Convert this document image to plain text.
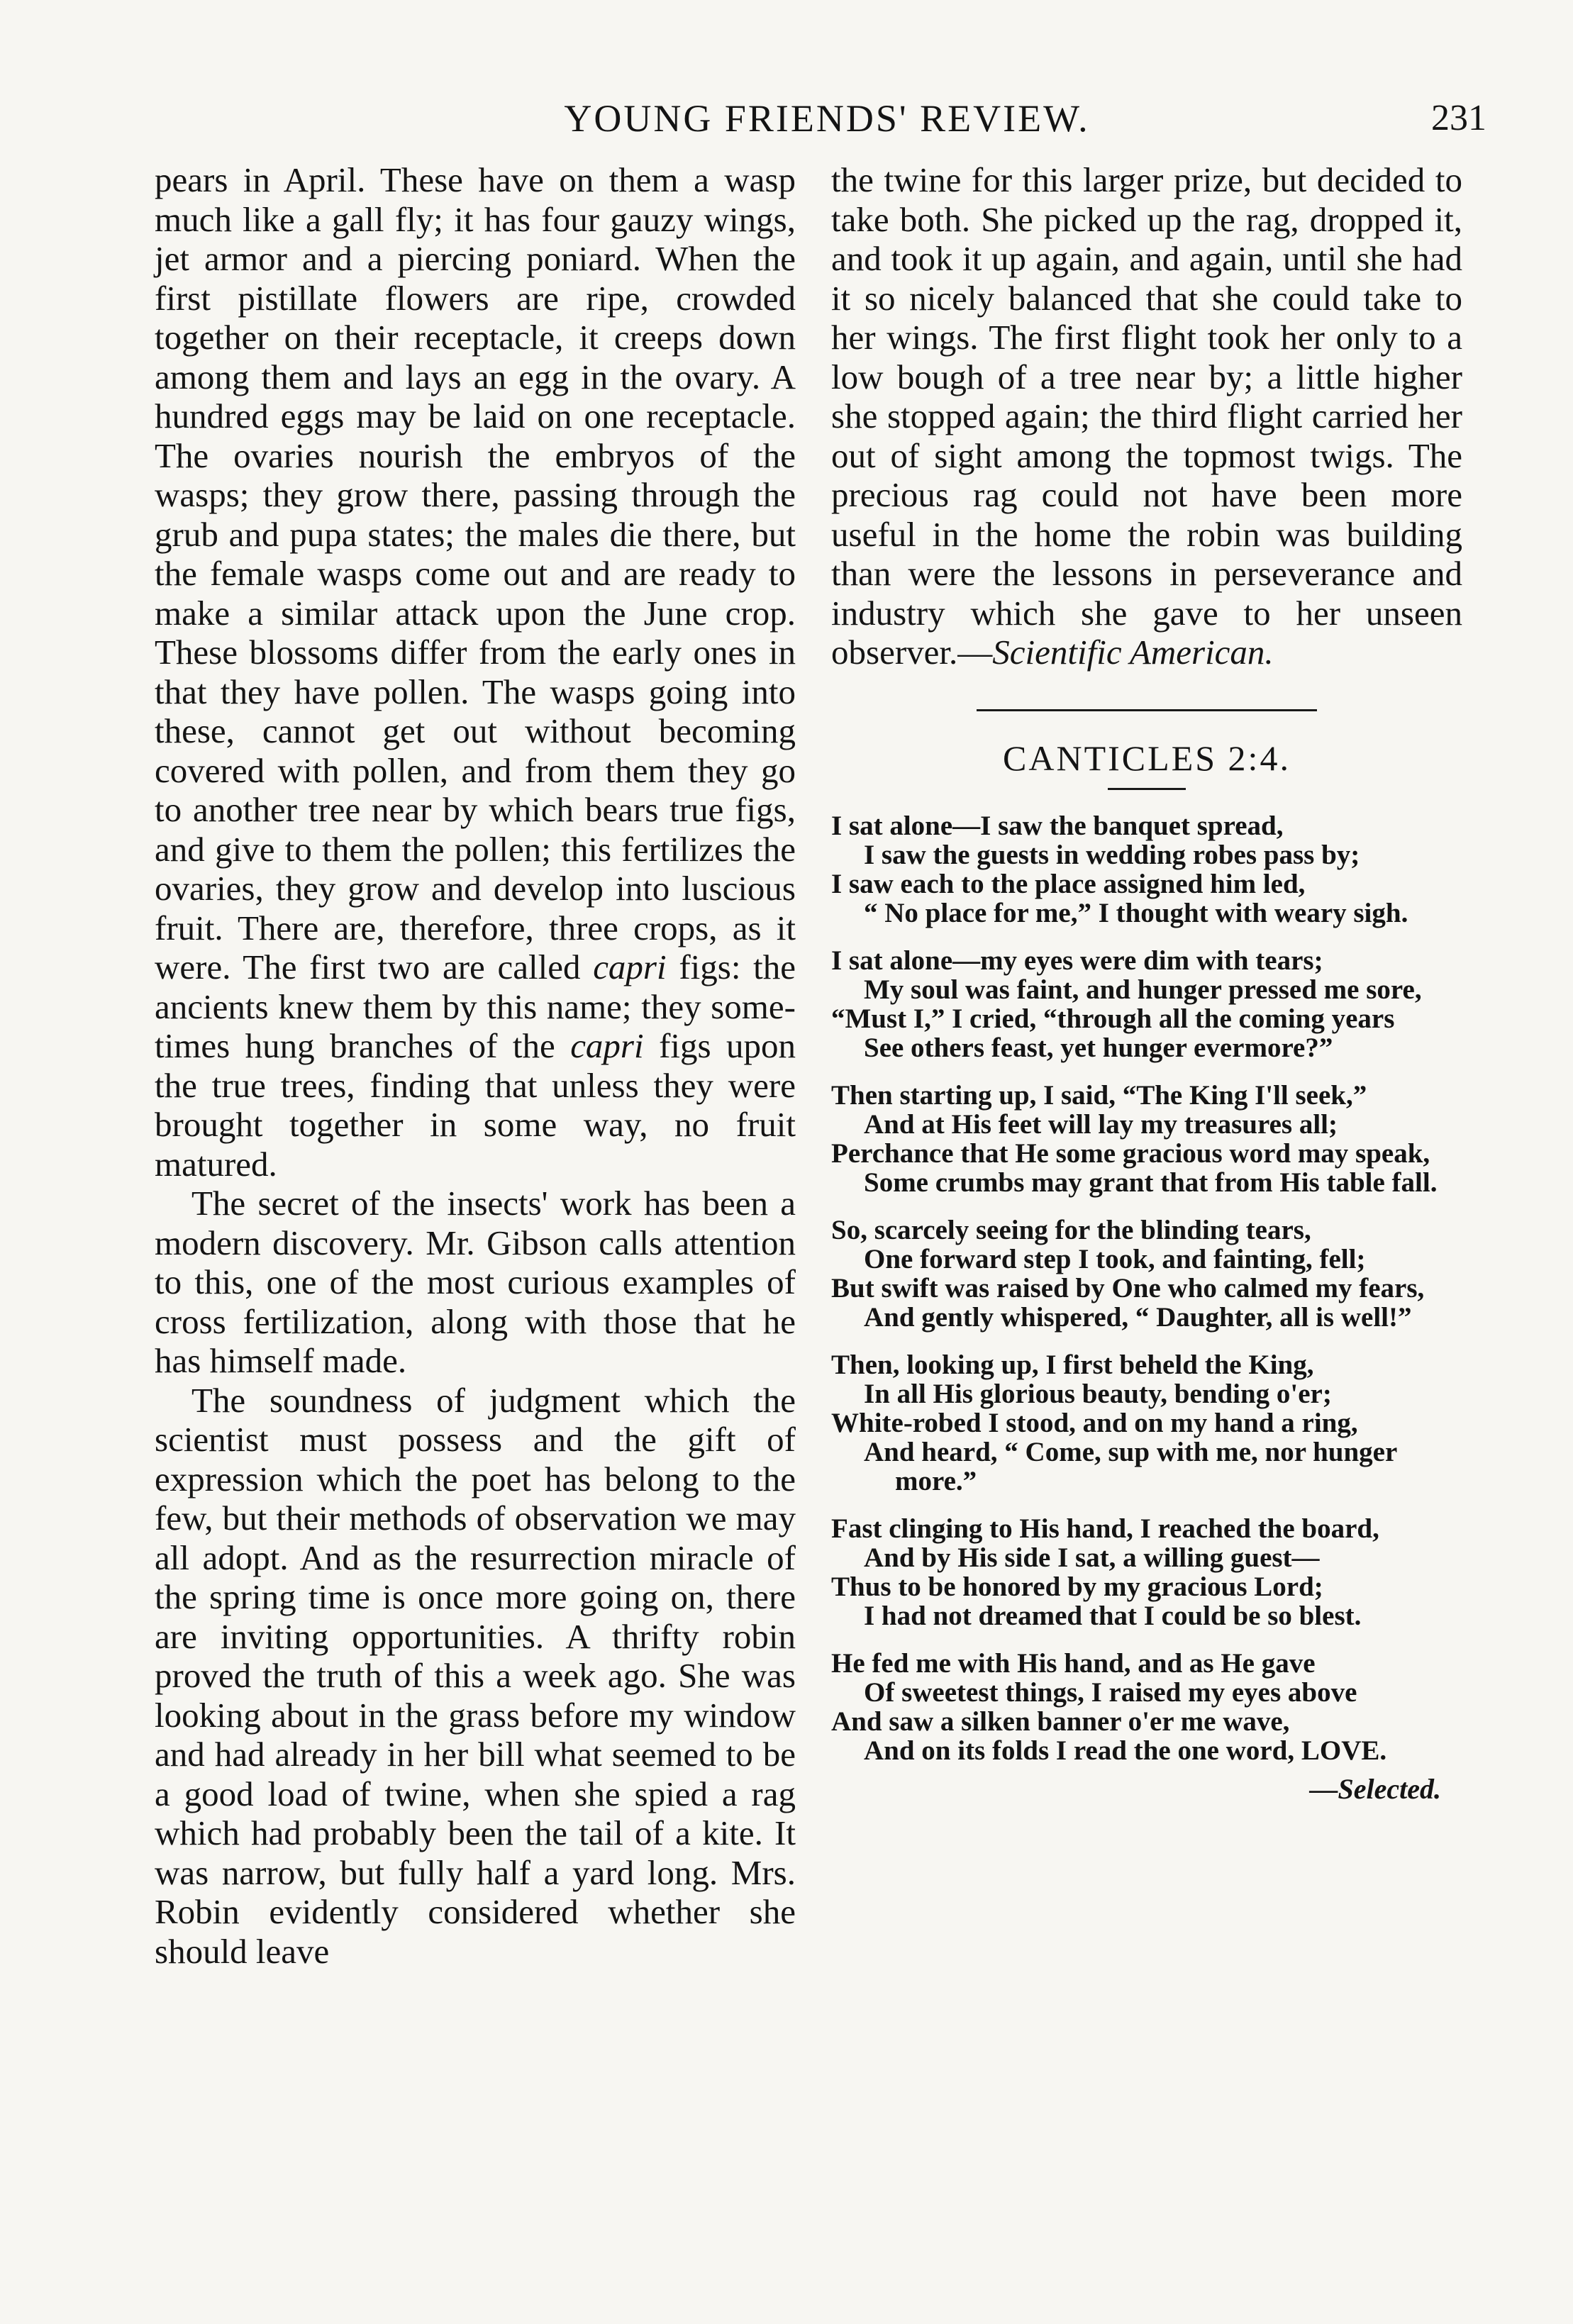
YOUNG FRIENDS' REVIEW.	231

pears in April. These have on them a wasp much like a gall fly; it has four gauzy wings, jet armor and a piercing poniard. When the first pistillate flowers are ripe, crowded together on their receptacle, it creeps down among them and lays an egg in the ovary. A hundred eggs may be laid on one receptacle. The ovaries nourish the embryos of the wasps; they grow there, passing through the grub and pupa states; the males die there, but the female wasps come out and are ready to make a similar attack upon the June crop. These blossoms differ from the early ones in that they have pollen. The wasps going into these, cannot get out without becoming covered with pollen, and from them they go to another tree near by which bears true figs, and give to them the pollen; this fertilizes the ovaries, they grow and develop into luscious fruit. There are, therefore, three crops, as it were. The first two are called capri figs: the ancients knew them by this name; they sometimes hung branches of the capri figs upon the true trees, finding that unless they were brought together in some way, no fruit matured.

The secret of the insects' work has been a modern discovery. Mr. Gibson calls attention to this, one of the most curious examples of cross fertilization, along with those that he has himself made.

The soundness of judgment which the scientist must possess and the gift of expression which the poet has belong to the few, but their methods of observation we may all adopt. And as the resurrection miracle of the spring time is once more going on, there are inviting opportunities. A thrifty robin proved the truth of this a week ago. She was looking about in the grass before my window and had already in her bill what seemed to be a good load of twine, when she spied a rag which had probably been the tail of a kite. It was narrow, but fully half a yard long. Mrs. Robin evidently considered whether she should leave

the twine for this larger prize, but decided to take both. She picked up the rag, dropped it, and took it up again, and again, until she had it so nicely balanced that she could take to her wings. The first flight took her only to a low bough of a tree near by; a little higher she stopped again; the third flight carried her out of sight among the topmost twigs. The precious rag could not have been more useful in the home the robin was building than were the lessons in perseverance and industry which she gave to her unseen observer.—Scientific American.

CANTICLES 2:4.

I sat alone—I saw the banquet spread,

I saw the guests in wedding robes pass by;

I saw each to the place assigned him led,

“ No place for me,” I thought with weary sigh.

I sat alone—my eyes were dim with tears;

My soul was faint, and hunger pressed me sore,

“Must I,” I cried, “through all the coming years

See others feast, yet hunger evermore?”

Then starting up, I said, “The King I'll seek,”

And at His feet will lay my treasures all;

Perchance that He some gracious word may speak,

Some crumbs may grant that from His table fall.

So, scarcely seeing for the blinding tears,

One forward step I took, and fainting, fell;

But swift was raised by One who calmed my fears,

And gently whispered, “ Daughter, all is well!”

Then, looking up, I first beheld the King,

In all His glorious beauty, bending o'er;

White-robed I stood, and on my hand a ring,

And heard, “ Come, sup with me, nor hunger more.”

Fast clinging to His hand, I reached the board,

And by His side I sat, a willing guest—

Thus to be honored by my gracious Lord;

I had not dreamed that I could be so blest.

He fed me with His hand, and as He gave

Of sweetest things, I raised my eyes above

And saw a silken banner o'er me wave,

And on its folds I read the one word, LOVE.

—Selected.
